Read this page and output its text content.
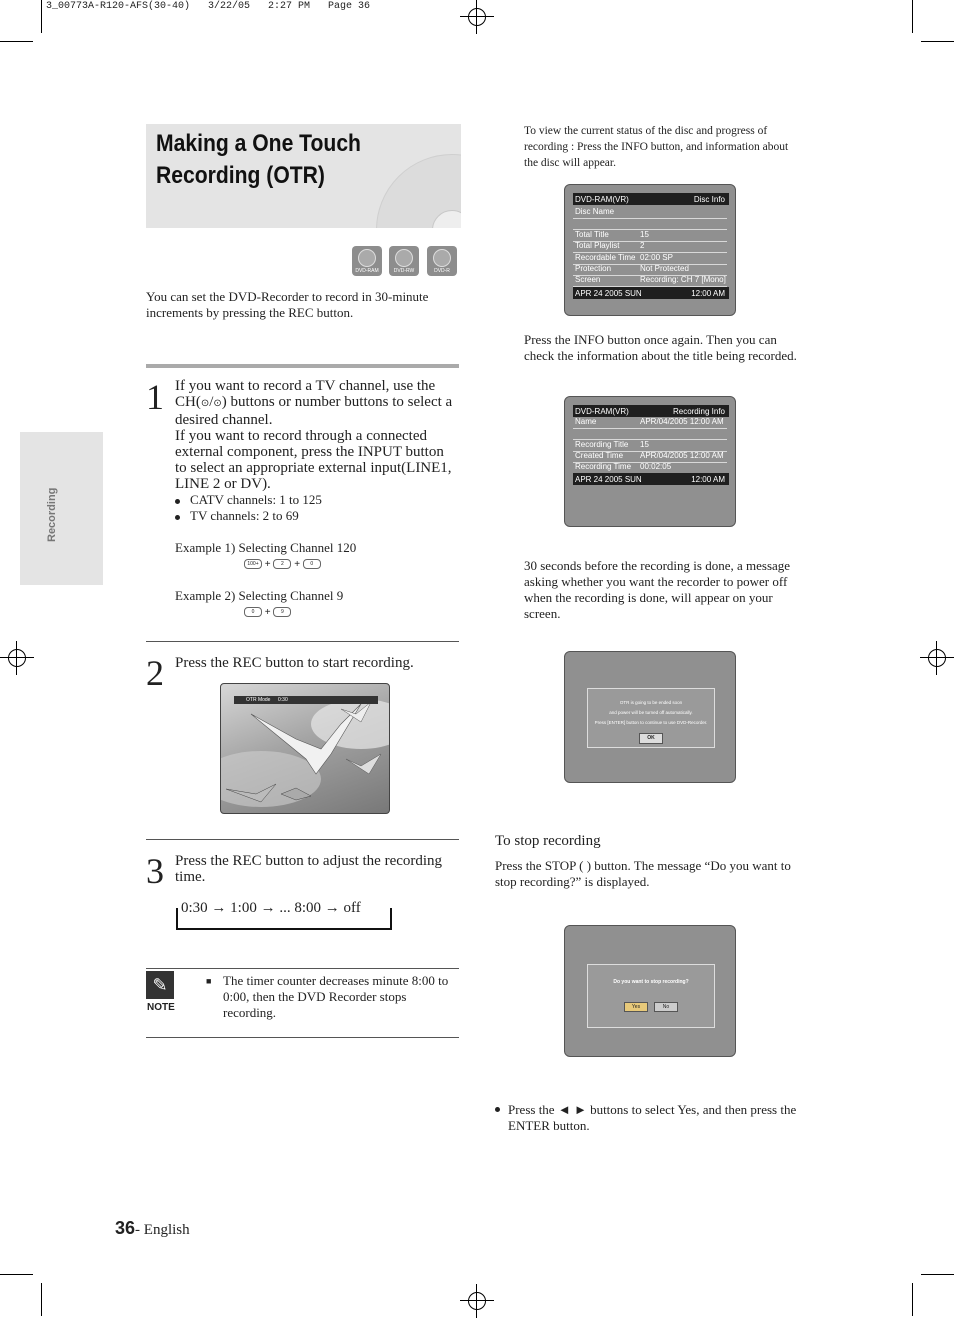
3_00773A-R120-AFS(30-40)   3/22/05   2:27 PM   Page 36
Making a One Touch Recording (OTR)
DVD-RAM	DVD-RW	DVD-R
You can set the DVD-Recorder to record in 30-minute increments by pressing the REC button.
Recording
1 If you want to record a TV channel, use the CH(⊙/⊙) buttons or number buttons to select a desired channel.
If you want to record through a connected external component, press the INPUT button to select an appropriate external input(LINE1, LINE 2 or DV).
CATV channels: 1 to 125
TV channels: 2 to 69
Example 1) Selecting Channel 120
100+ + 2 + 0
Example 2) Selecting Channel 9
0 + 9
2 Press the REC button to start recording.
OTR Mode 0:30
3 Press the REC button to adjust the recording time.
0:30 → 1:00 → ... 8:00 → off
✎
NOTE
■ The timer counter decreases minute 8:00 to 0:00, then the DVD Recorder stops recording.
To view the current status of the disc and progress of recording : Press the INFO button, and information about the disc will appear.
DVD-RAM(VR)	Disc Info
Disc Name
Total Title	15
Total Playlist	2
Recordable Time 02:00 SP
Protection	Not Protected
Screen	Recording: CH 7 [Mono]
APR 24 2005 SUN	12:00 AM
Press the INFO button once again. Then you can check the information about the title being recorded.
DVD-RAM(VR)	Recording Info
Name	APR/04/2005 12:00 AM
Recording Title 15
Created Time APR/04/2005 12:00 AM
Recording Time 00:02:05
APR 24 2005 SUN	12:00 AM
30 seconds before the recording is done, a message asking whether you want the recorder to power off when the recording is done, will appear on your screen.
OTR is going to be ended soon
and power will be turned off automatically.
Press [ENTER] button to continue to use DVD-Recorder.
OK
To stop recording
Press the STOP ( ) button. The message “Do you want to stop recording?” is displayed.
Do you want to stop recording?
Yes	No
Press the ◄ ► buttons to select Yes, and then press the ENTER button.
36- English
